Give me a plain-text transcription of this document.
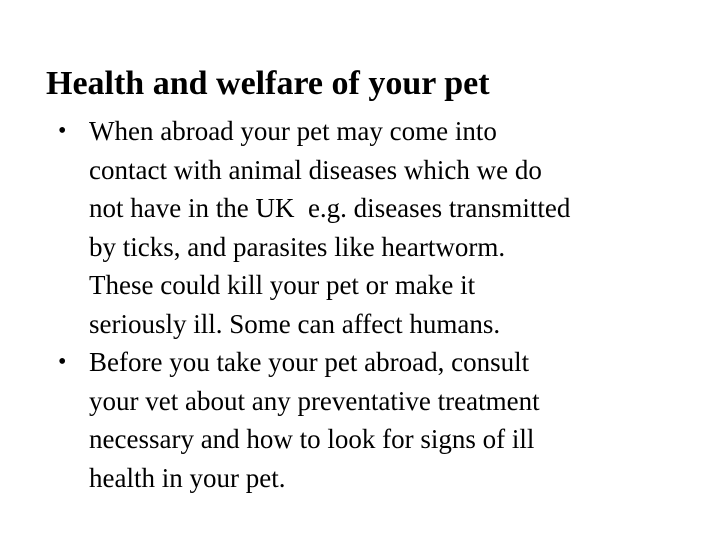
Health and welfare of your pet
• When abroad your pet may come into
contact with animal diseases which we do
not have in the UK  e.g. diseases transmitted
by ticks, and parasites like heartworm.
These could kill your pet or make it
seriously ill. Some can affect humans.
• Before you take your pet abroad, consult
your vet about any preventative treatment
necessary and how to look for signs of ill
health in your pet.
